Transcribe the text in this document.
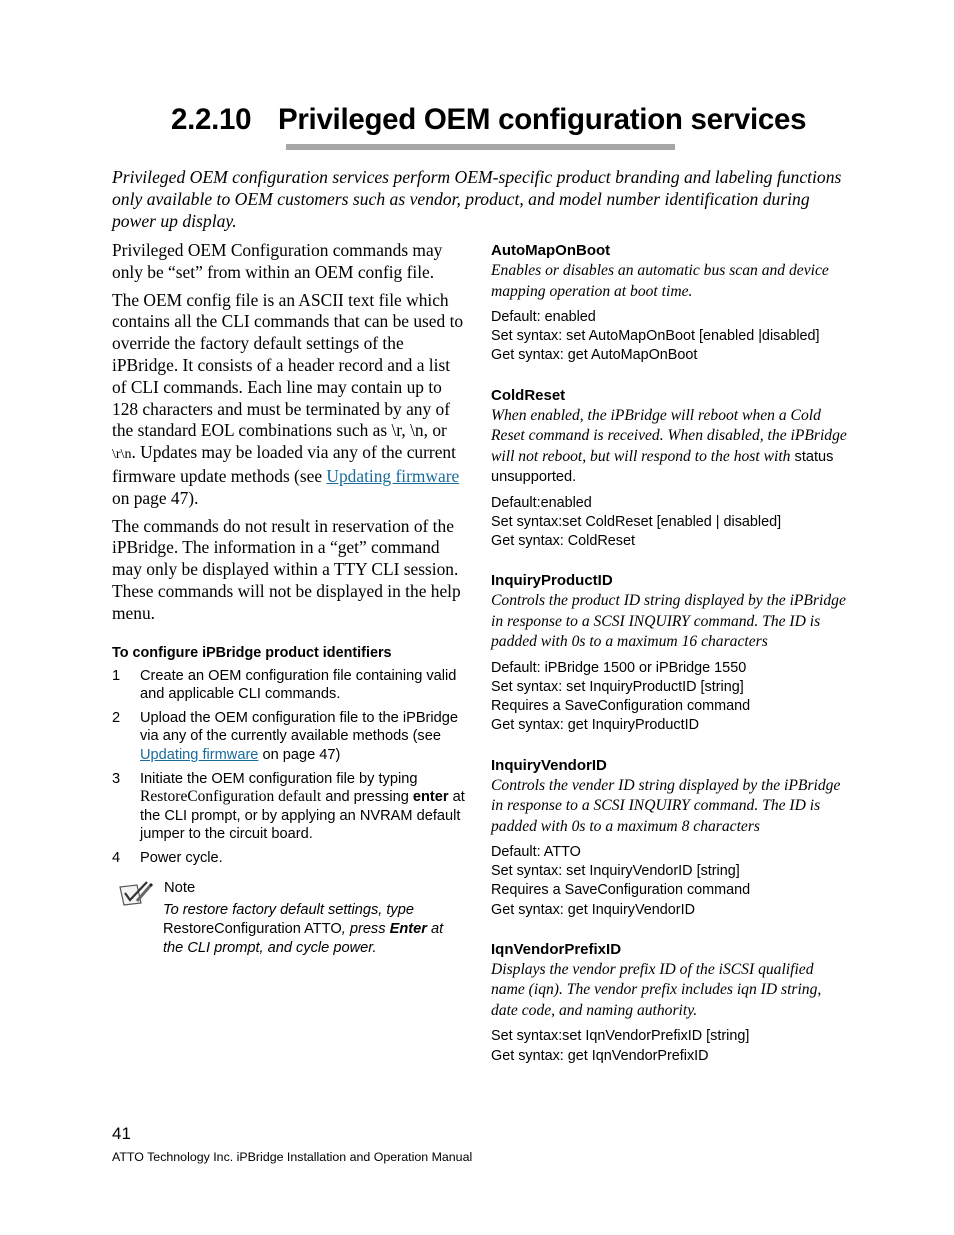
2.2.10 Privileged OEM configuration services
Privileged OEM configuration services perform OEM-specific product branding and labeling functions only available to OEM customers such as vendor, product, and model number identification during power up display.

Privileged OEM Configuration commands may only be “set” from within an OEM config file.

The OEM config file is an ASCII text file which contains all the CLI commands that can be used to override the factory default settings of the iPBridge. It consists of a header record and a list of CLI commands. Each line may contain up to 128 characters and must be terminated by any of the standard EOL combinations such as \r, \n, or \r\n. Updates may be loaded via any of the current firmware update methods (see Updating firmware on page 47).

The commands do not result in reservation of the iPBridge. The information in a “get” command may only be displayed within a TTY CLI session. These commands will not be displayed in the help menu.

To configure iPBridge product identifiers
1 Create an OEM configuration file containing valid and applicable CLI commands.
2 Upload the OEM configuration file to the iPBridge via any of the currently available methods (see Updating firmware on page 47)
3 Initiate the OEM configuration file by typing RestoreConfiguration default and pressing enter at the CLI prompt, or by applying an NVRAM default jumper to the circuit board.
4 Power cycle.
Note
To restore factory default settings, type
RestoreConfiguration ATTO, press Enter at the CLI prompt, and cycle power.
AutoMapOnBoot
Enables or disables an automatic bus scan and device mapping operation at boot time.
Default: enabled
Set syntax: set AutoMapOnBoot [enabled |disabled]
Get syntax: get AutoMapOnBoot
ColdReset
When enabled, the iPBridge will reboot when a Cold Reset command is received. When disabled, the iPBridge will not reboot, but will respond to the host with status unsupported.
Default:enabled
Set syntax:set ColdReset [enabled | disabled]
Get syntax: ColdReset
InquiryProductID
Controls the product ID string displayed by the iPBridge in response to a SCSI INQUIRY command. The ID is padded with 0s to a maximum 16 characters
Default: iPBridge 1500 or iPBridge 1550
Set syntax: set InquiryProductID [string]
Requires a SaveConfiguration command
Get syntax: get InquiryProductID
InquiryVendorID
Controls the vender ID string displayed by the iPBridge in response to a SCSI INQUIRY command. The ID is padded with 0s to a maximum 8 characters
Default: ATTO
Set syntax: set InquiryVendorID [string]
Requires a SaveConfiguration command
Get syntax: get InquiryVendorID
IqnVendorPrefixID
Displays the vendor prefix ID of the iSCSI qualified name (iqn). The vendor prefix includes iqn ID string, date code, and naming authority.
Set syntax:set IqnVendorPrefixID [string]
Get syntax: get IqnVendorPrefixID
41
ATTO Technology Inc. iPBridge Installation and Operation Manual
